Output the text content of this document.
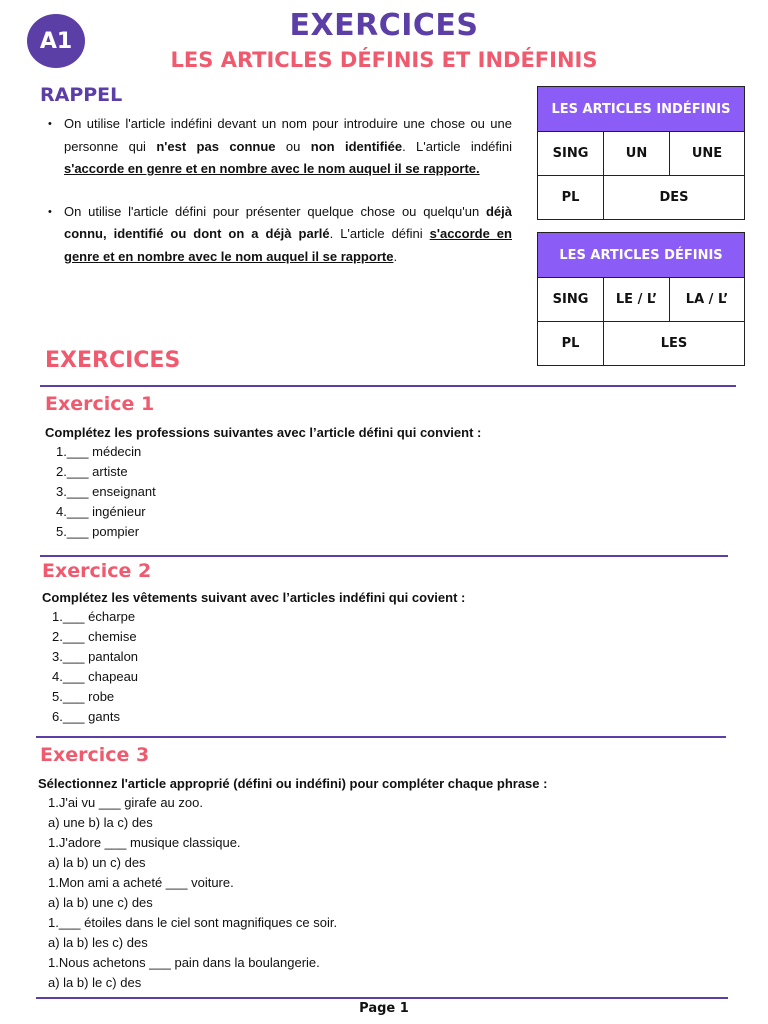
A1	EXERCICES
LES ARTICLES DÉFINIS ET INDÉFINIS
RAPPEL

• On utilise l'article indéfini devant un nom pour introduire une chose ou une personne qui n'est pas connue ou non identifiée. L'article indéfini s'accorde en genre et en nombre avec le nom auquel il se rapporte.

• On utilise l'article défini pour présenter quelque chose ou quelqu'un déjà connu, identifié ou dont on a déjà parlé. L'article défini s'accorde en genre et en nombre avec le nom auquel il se rapporte.

LES ARTICLES INDÉFINIS		
SING	UN	UNE
PL	DES	
LES ARTICLES DÉFINIS		
SING	LE / L’	LA / L’
PL	LES	
EXERCICES
Exercice 1
Complétez les professions suivantes avec l’article défini qui convient :
1.___ médecin
2.___ artiste
3.___ enseignant
4.___ ingénieur
5.___ pompier
Exercice 2
Complétez les vêtements suivant avec l’articles indéfini qui covient :
1.___ écharpe
2.___ chemise
3.___ pantalon
4.___ chapeau
5.___ robe
6.___ gants
Exercice 3
Sélectionnez l'article approprié (défini ou indéfini) pour compléter chaque phrase :
1.J'ai vu ___ girafe au zoo.
a) une b) la c) des
1.J'adore ___ musique classique.
a) la b) un c) des
1.Mon ami a acheté ___ voiture.
a) la b) une c) des
1.___ étoiles dans le ciel sont magnifiques ce soir.
a) la b) les c) des
1.Nous achetons ___ pain dans la boulangerie.
a) la b) le c) des
Page 1
